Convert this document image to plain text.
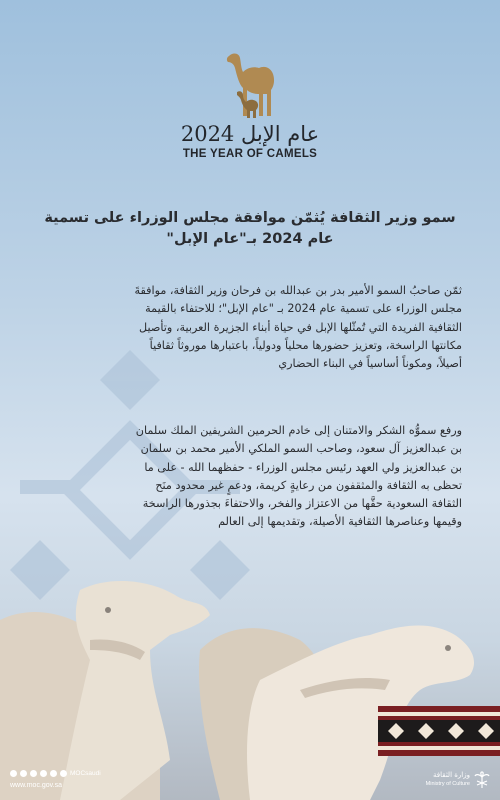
عام الإبل 2024
THE YEAR OF CAMELS
سمو وزير الثقافة يُثمّن موافقة مجلس الوزراء على تسمية
عام 2024 بـ"عام الإبل"
ثمّن صاحبُ السمو الأمير بدر بن عبدالله بن فرحان وزير الثقافة، موافقةَ
مجلس الوزراء على تسمية عام 2024 بـ "عام الإبل"؛ للاحتفاء بالقيمة
الثقافية الفريدة التي تُمثّلها الإبل في حياة أبناء الجزيرة العربية، وتأصيل
مكانتها الراسخة، وتعزيز حضورها محلياً ودولياً، باعتبارها موروثاً ثقافياً
أصيلاً، ومكوناً أساسياً في البناء الحضاري
ورفع سموُّه الشكر والامتنان إلى خادم الحرمين الشريفين الملك سلمان
بن عبدالعزيز آل سعود، وصاحب السمو الملكي الأمير محمد بن سلمان
بن عبدالعزيز ولي العهد رئيس مجلس الوزراء - حفظهما الله - على ما
تحظى به الثقافة والمثقفون من رعايةٍ كريمة، ودعمٍ غير محدود منَح
الثقافة السعودية حقَّها من الاعتزاز والفخر، والاحتفاءَ بجذورها الراسخة
وقيمها وعناصرها الثقافية الأصيلة، وتقديمها إلى العالم
MOCsaudi
www.moc.gov.sa
وزارة الثقافة
Ministry of Culture
